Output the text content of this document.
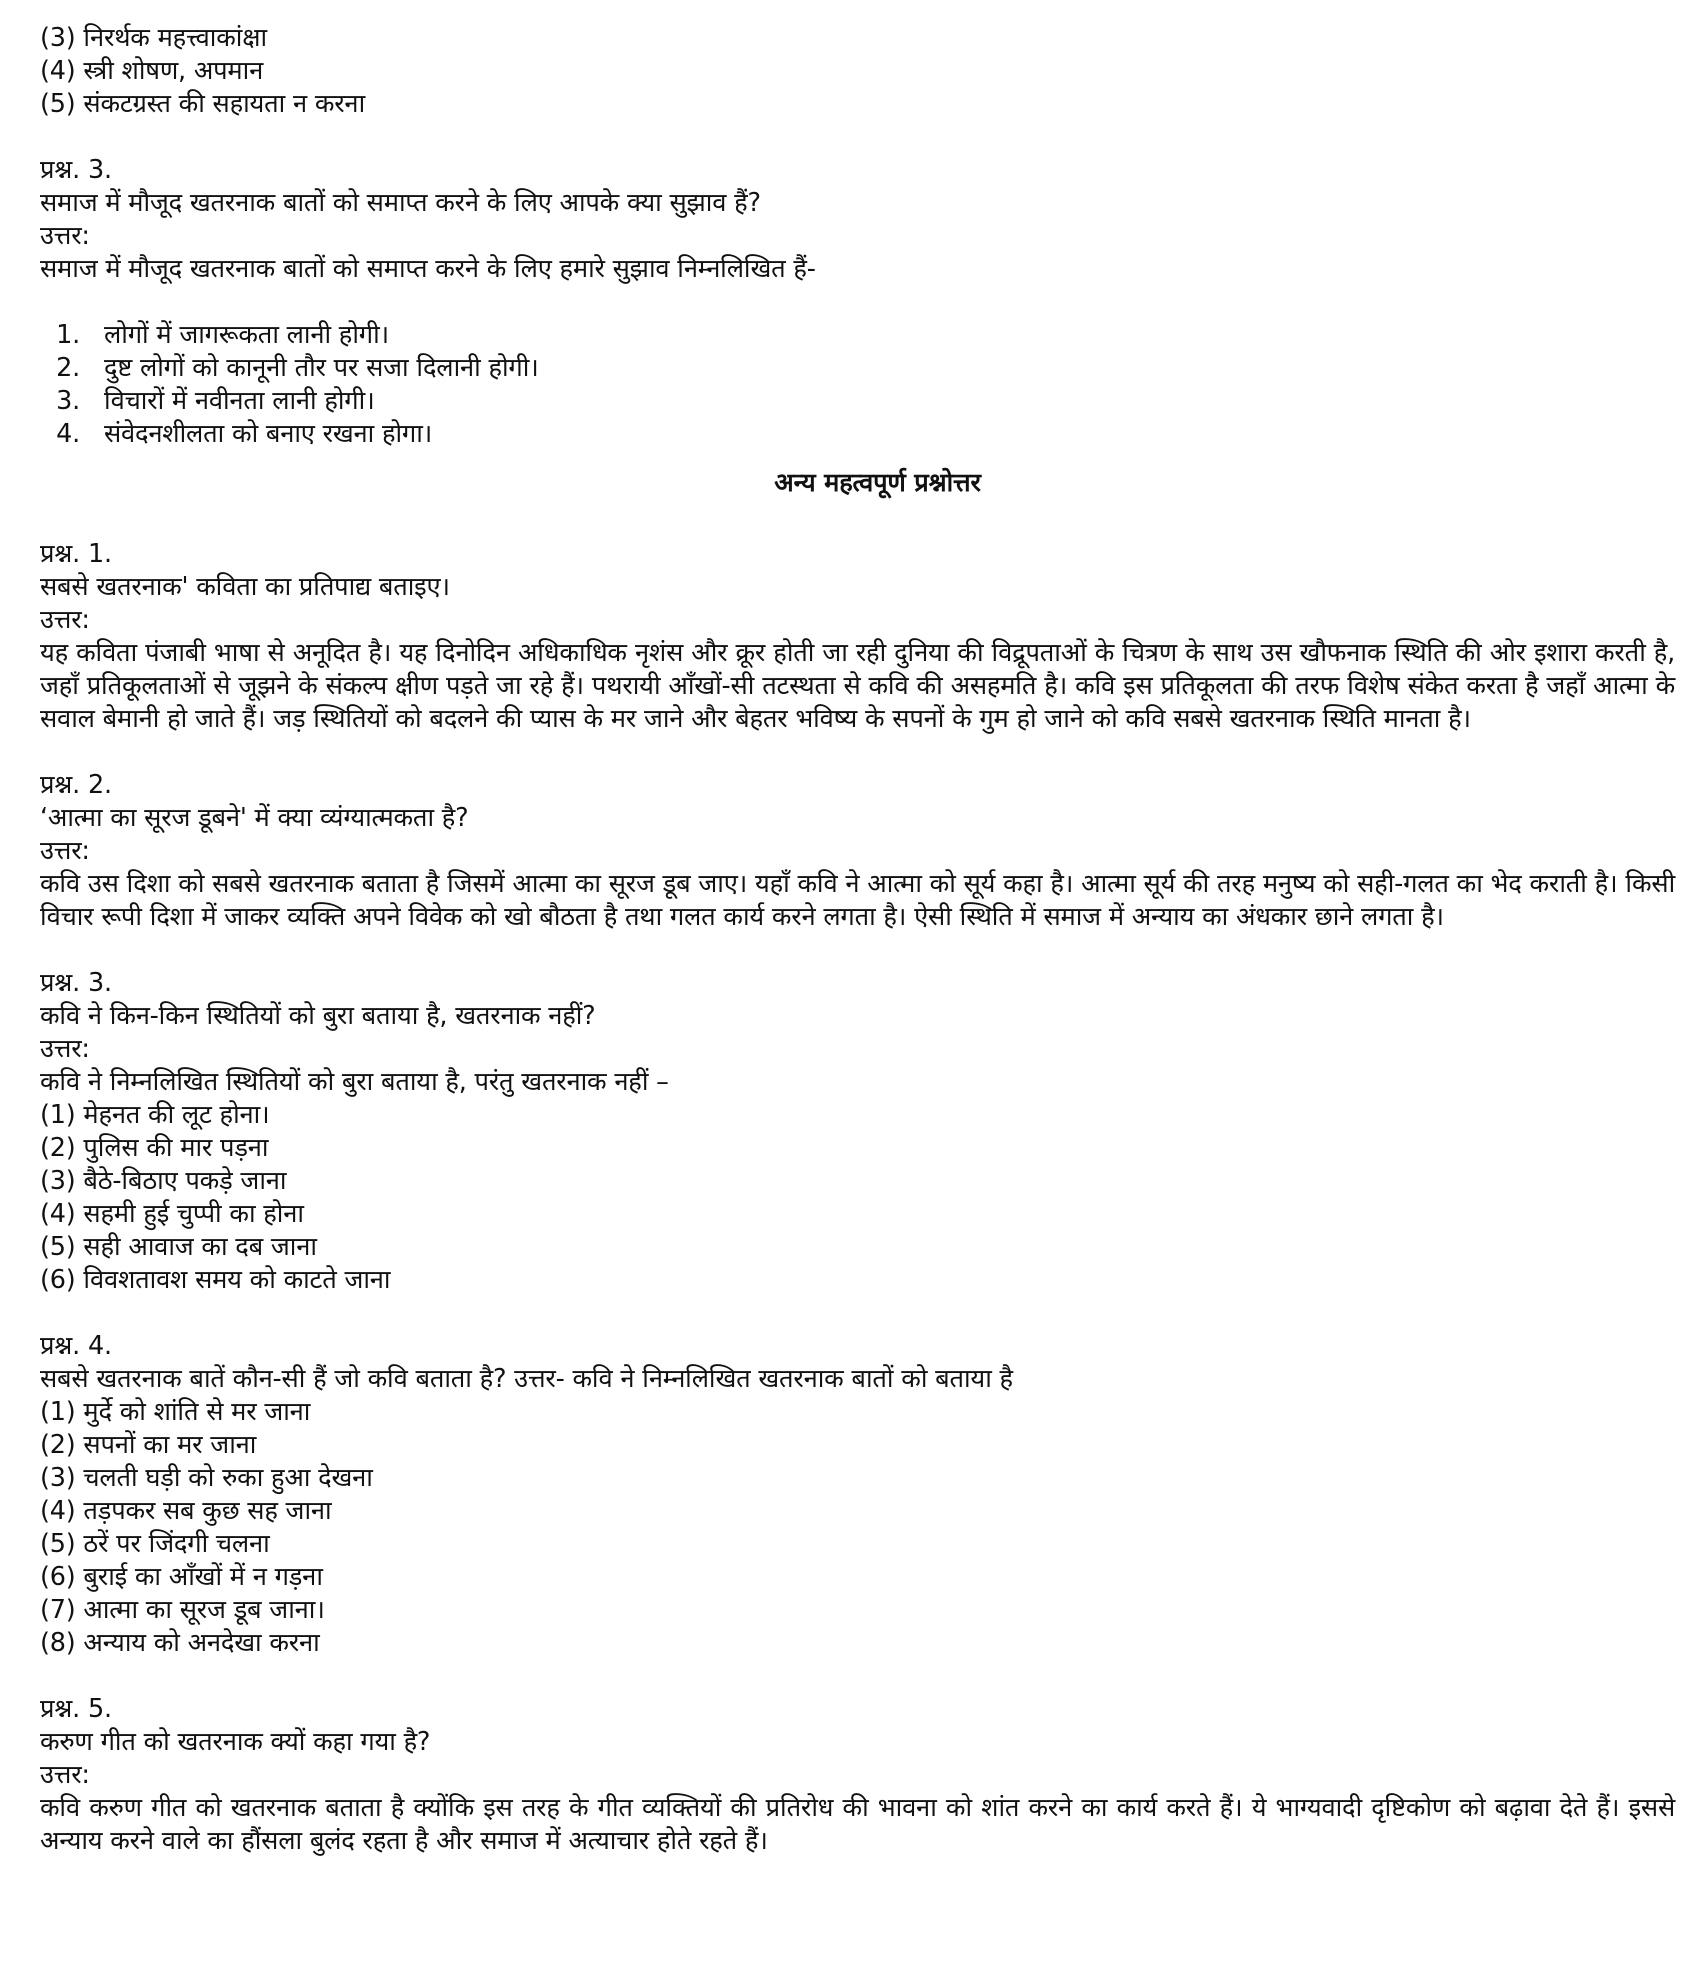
(3) निरर्थक महत्त्वाकांक्षा
(4) स्त्री शोषण, अपमान
(5) संकटग्रस्त की सहायता न करना
प्रश्न. 3.
समाज में मौजूद खतरनाक बातों को समाप्त करने के लिए आपके क्या सुझाव हैं?
उत्तर:
समाज में मौजूद खतरनाक बातों को समाप्त करने के लिए हमारे सुझाव निम्नलिखित हैं-
1. लोगों में जागरूकता लानी होगी।
2. दुष्ट लोगों को कानूनी तौर पर सजा दिलानी होगी।
3. विचारों में नवीनता लानी होगी।
4. संवेदनशीलता को बनाए रखना होगा।
अन्य महत्वपूर्ण प्रश्नोत्तर
प्रश्न. 1.
सबसे खतरनाक' कविता का प्रतिपाद्य बताइए।
उत्तर:
यह कविता पंजाबी भाषा से अनूदित है। यह दिनोदिन अधिकाधिक नृशंस और क्रूर होती जा रही दुनिया की विद्रूपताओं के चित्रण के साथ उस खौफनाक स्थिति की ओर इशारा करती है, जहाँ प्रतिकूलताओं से जूझने के संकल्प क्षीण पड़ते जा रहे हैं। पथरायी आँखों-सी तटस्थता से कवि की असहमति है। कवि इस प्रतिकूलता की तरफ विशेष संकेत करता है जहाँ आत्मा के सवाल बेमानी हो जाते हैं। जड़ स्थितियों को बदलने की प्यास के मर जाने और बेहतर भविष्य के सपनों के गुम हो जाने को कवि सबसे खतरनाक स्थिति मानता है।
प्रश्न. 2.
‘आत्मा का सूरज डूबने' में क्या व्यंग्यात्मकता है?
उत्तर:
कवि उस दिशा को सबसे खतरनाक बताता है जिसमें आत्मा का सूरज डूब जाए। यहाँ कवि ने आत्मा को सूर्य कहा है। आत्मा सूर्य की तरह मनुष्य को सही-गलत का भेद कराती है। किसी विचार रूपी दिशा में जाकर व्यक्ति अपने विवेक को खो बौठता है तथा गलत कार्य करने लगता है। ऐसी स्थिति में समाज में अन्याय का अंधकार छाने लगता है।
प्रश्न. 3.
कवि ने किन-किन स्थितियों को बुरा बताया है, खतरनाक नहीं?
उत्तर:
कवि ने निम्नलिखित स्थितियों को बुरा बताया है, परंतु खतरनाक नहीं –
(1) मेहनत की लूट होना।
(2) पुलिस की मार पड़ना
(3) बैठे-बिठाए पकड़े जाना
(4) सहमी हुई चुप्पी का होना
(5) सही आवाज का दब जाना
(6) विवशतावश समय को काटते जाना
प्रश्न. 4.
सबसे खतरनाक बातें कौन-सी हैं जो कवि बताता है? उत्तर- कवि ने निम्नलिखित खतरनाक बातों को बताया है
(1) मुर्दे को शांति से मर जाना
(2) सपनों का मर जाना
(3) चलती घड़ी को रुका हुआ देखना
(4) तड़पकर सब कुछ सह जाना
(5) ठरें पर जिंदगी चलना
(6) बुराई का आँखों में न गड़ना
(7) आत्मा का सूरज डूब जाना।
(8) अन्याय को अनदेखा करना
प्रश्न. 5.
करुण गीत को खतरनाक क्यों कहा गया है?
उत्तर:
कवि करुण गीत को खतरनाक बताता है क्योंकि इस तरह के गीत व्यक्तियों की प्रतिरोध की भावना को शांत करने का कार्य करते हैं। ये भाग्यवादी दृष्टिकोण को बढ़ावा देते हैं। इससे अन्याय करने वाले का हौंसला बुलंद रहता है और समाज में अत्याचार होते रहते हैं।
